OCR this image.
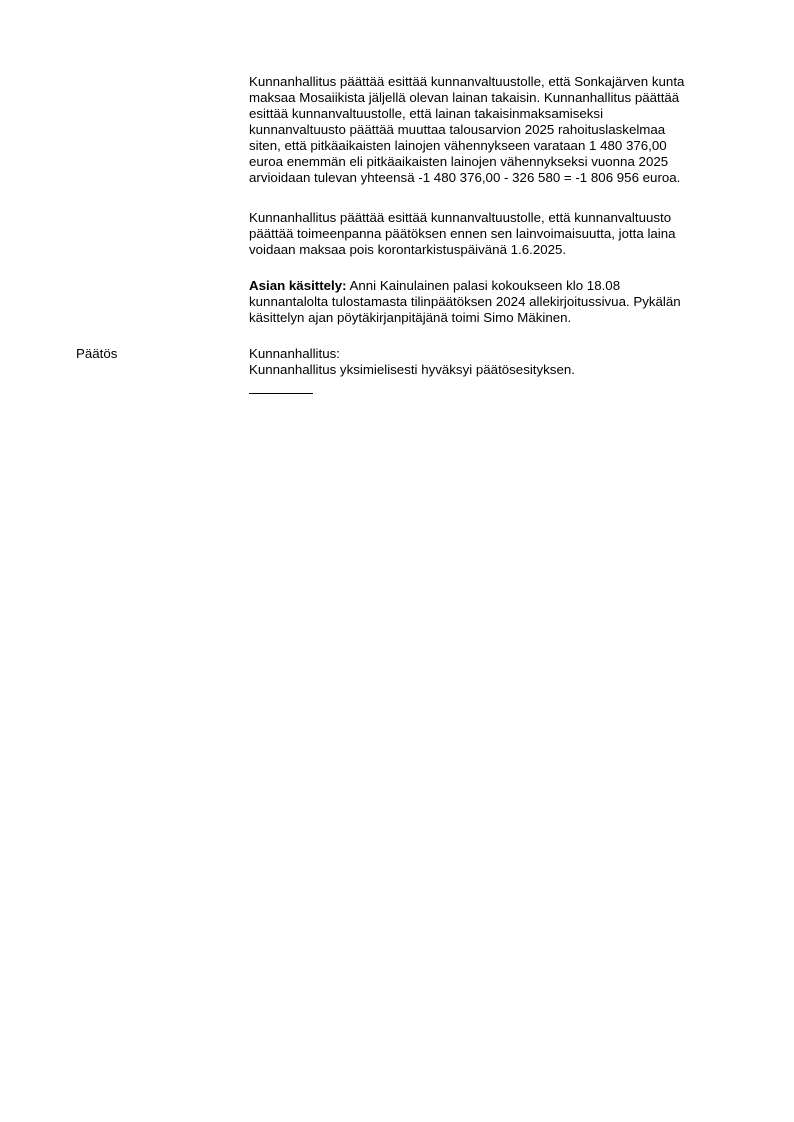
Kunnanhallitus päättää esittää kunnanvaltuustolle, että Sonkajärven kunta
maksaa Mosaiikista jäljellä olevan lainan takaisin. Kunnanhallitus päättää
esittää kunnanvaltuustolle, että lainan takaisinmaksamiseksi
kunnanvaltuusto päättää muuttaa talousarvion 2025 rahoituslaskelmaa
siten, että pitkäaikaisten lainojen vähennykseen varataan 1 480 376,00
euroa enemmän eli pitkäaikaisten lainojen vähennykseksi vuonna 2025
arvioidaan tulevan yhteensä -1 480 376,00 - 326 580 = -1 806 956 euroa.
Kunnanhallitus päättää esittää kunnanvaltuustolle, että kunnanvaltuusto
päättää toimeenpanna päätöksen ennen sen lainvoimaisuutta, jotta laina
voidaan maksaa pois korontarkistuspäivänä 1.6.2025.
Asian käsittely: Anni Kainulainen palasi kokoukseen klo 18.08
kunnantalolta tulostamasta tilinpäätöksen 2024 allekirjoitussivua. Pykälän
käsittelyn ajan pöytäkirjanpitäjänä toimi Simo Mäkinen.
Päätös	Kunnanhallitus:
Kunnanhallitus yksimielisesti hyväksyi päätösesityksen.
